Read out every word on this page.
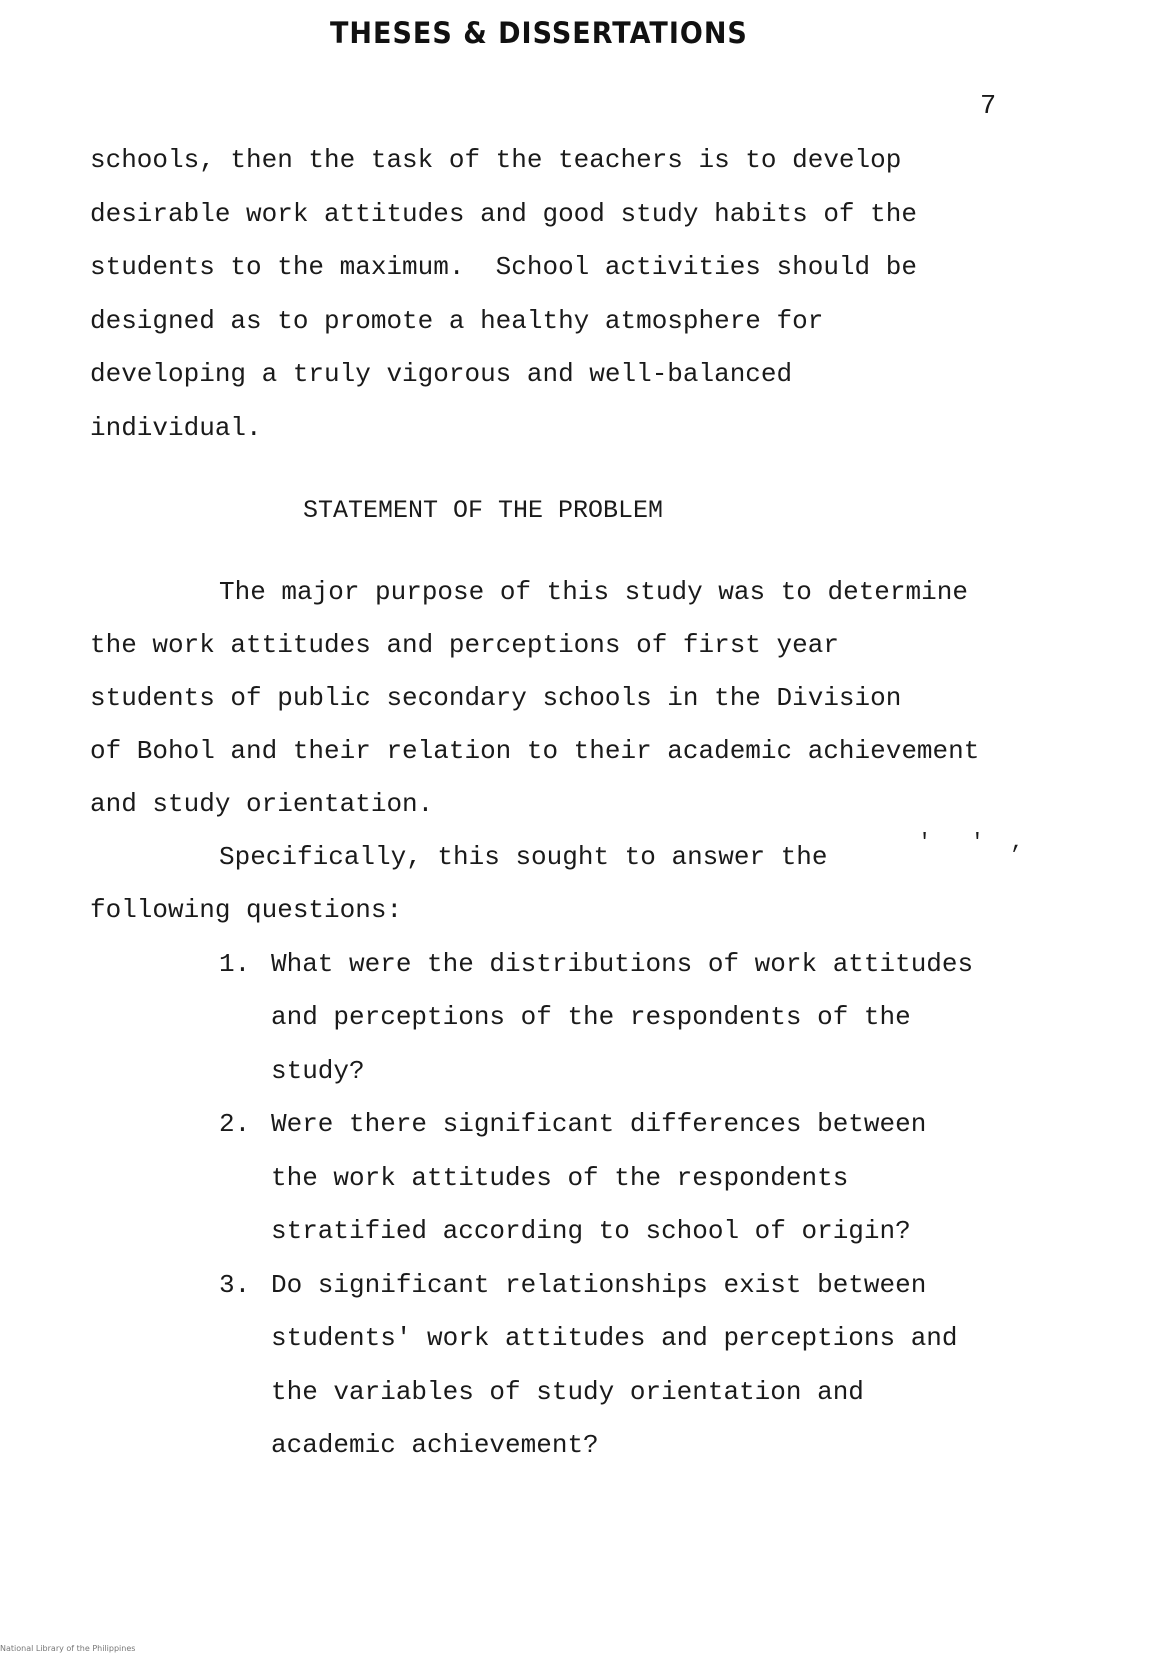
THESES & DISSERTATIONS
7
schools, then the task of the teachers is to develop
desirable work attitudes and good study habits of the
students to the maximum.  School activities should be
designed as to promote a healthy atmosphere for
developing a truly vigorous and well-balanced
individual.
STATEMENT OF THE PROBLEM
The major purpose of this study was to determine
the work attitudes and perceptions of first year
students of public secondary schools in the Division
of Bohol and their relation to their academic achievement
and study orientation.
Specifically, this sought to answer the	'   '  ,
following questions:
1. What were the distributions of work attitudes
and perceptions of the respondents of the
study?
2. Were there significant differences between
the work attitudes of the respondents
stratified according to school of origin?
3. Do significant relationships exist between
students' work attitudes and perceptions and
the variables of study orientation and
academic achievement?
National Library of the Philippines
